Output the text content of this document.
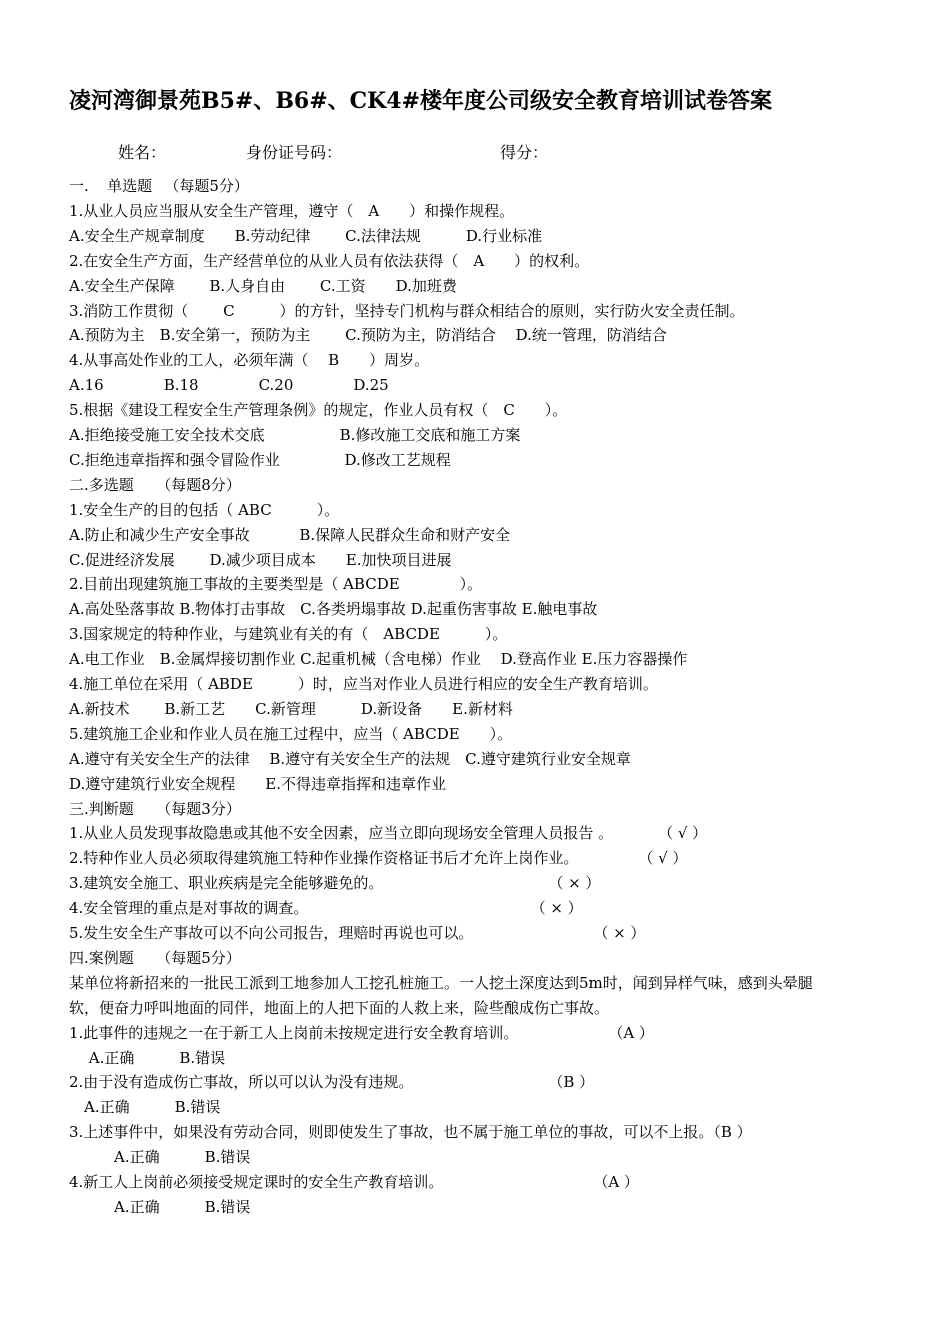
凌河湾御景苑B5#、B6#、CK4#楼年度公司级安全教育培训试卷答案
姓名：	身份证号码：	得分：
一.	单选题	（每题5分）
1.从业人员应当服从安全生产管理，遵守（　A　　）和操作规程。
A.安全生产规章制度　　B.劳动纪律　　 C.法律法规　　　D.行业标准
2.在安全生产方面，生产经营单位的从业人员有依法获得（　A　　）的权利。
A.安全生产保障　　 B.人身自由　　 C.工资　　D.加班费
3.消防工作贯彻（　　 C　　　）的方针，坚持专门机构与群众相结合的原则，实行防火安全责任制。
A.预防为主　B.安全第一，预防为主　　 C.预防为主，防消结合　 D.统一管理，防消结合
4.从事高处作业的工人，必须年满（　 B　　）周岁。
A.16　　　　B.18　　　　C.20　　　　D.25
5.根据《建设工程安全生产管理条例》的规定，作业人员有权（　C　　）。
A.拒绝接受施工安全技术交底　　　　　B.修改施工交底和施工方案
C.拒绝违章指挥和强令冒险作业　　　　 D.修改工艺规程
二.多选题　　（每题8分）
1.安全生产的目的包括（ ABC　　　）。
A.防止和减少生产安全事故　　　 B.保障人民群众生命和财产安全
C.促进经济发展　　 D.减少项目成本　　E.加快项目进展
2.目前出现建筑施工事故的主要类型是（ ABCDE　　　　）。
A.高处坠落事故 B.物体打击事故　C.各类坍塌事故 D.起重伤害事故 E.触电事故
3.国家规定的特种作业，与建筑业有关的有（　ABCDE　　　）。
A.电工作业　B.金属焊接切割作业 C.起重机械（含电梯）作业　 D.登高作业 E.压力容器操作
4.施工单位在采用（ ABDE　　　）时，应当对作业人员进行相应的安全生产教育培训。
A.新技术　　 B.新工艺　　C.新管理　　　D.新设备　　E.新材料
5.建筑施工企业和作业人员在施工过程中，应当（ ABCDE　　）。
A.遵守有关安全生产的法律　 B.遵守有关安全生产的法规　C.遵守建筑行业安全规章
D.遵守建筑行业安全规程　　E.不得违章指挥和违章作业
三.判断题　　（每题3分）
1.从业人员发现事故隐患或其他不安全因素，应当立即向现场安全管理人员报告 。　　　　（ √ ）
2.特种作业人员必须取得建筑施工特种作业操作资格证书后才允许上岗作业。　　　　　（ √ ）
3.建筑安全施工、职业疾病是完全能够避免的。　　　　　　　　　　　　（ × ）
4.安全管理的重点是对事故的调查。　　　　　　　　　　　　　　　 （ × ）
5.发生安全生产事故可以不向公司报告，理赔时再说也可以。　　　　　　　　　（ × ）
四.案例题　　（每题5分）
某单位将新招来的一批民工派到工地参加人工挖孔桩施工。一人挖土深度达到5m时，闻到异样气味，感到头晕腿
软，便奋力呼叫地面的同伴，地面上的人把下面的人救上来，险些酿成伤亡事故。
1.此事件的违规之一在于新工人上岗前未按规定进行安全教育培训。　　　　　　　（A ）
　 A.正确　　　B.错误
2.由于没有造成伤亡事故，所以可以认为没有违规。　　　　　　　　　　（B ）
　A.正确　　　B.错误
3.上述事件中，如果没有劳动合同，则即使发生了事故，也不属于施工单位的事故，可以不上报。（B ）
　　　A.正确　　　B.错误
4.新工人上岗前必须接受规定课时的安全生产教育培训。　　　　　　　　　　　（A ）
　　　A.正确　　　B.错误
